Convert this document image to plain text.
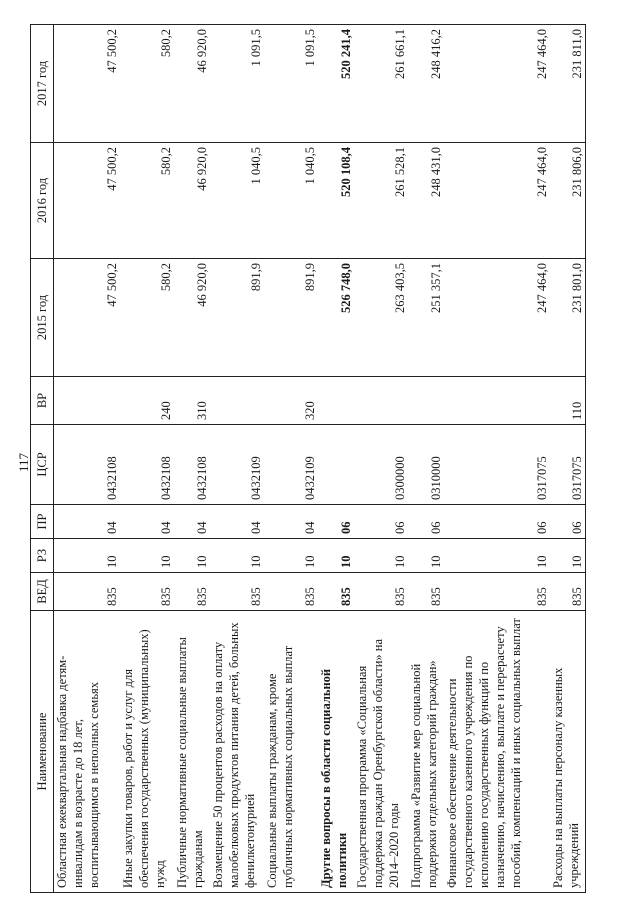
117
Наименование	ВЕД	РЗ	ПР	ЦСР	ВР	2015 год	2016 год	2017 год
Областная ежеквартальная надбавка детям-инвалидам в возрасте до 18 лет, воспитывающимся в неполных семьях	835	10	04	0432108		47 500,2	47 500,2	47 500,2
Иные закупки товаров, работ и услуг для обеспечения государственных (муниципальных) нужд	835	10	04	0432108	240	580,2	580,2	580,2
Публичные нормативные социальные выплаты гражданам	835	10	04	0432108	310	46 920,0	46 920,0	46 920,0
Возмещение 50 процентов расходов на оплату малобелковых продуктов питания детей, больных фенилкетонурией	835	10	04	0432109		891,9	1 040,5	1 091,5
Социальные выплаты гражданам, кроме публичных нормативных социальных выплат	835	10	04	0432109	320	891,9	1 040,5	1 091,5
Другие вопросы в области социальной политики	835	10	06			526 748,0	520 108,4	520 241,4
Государственная программа «Социальная поддержка граждан Оренбургской области» на 2014–2020 годы	835	10	06	0300000		263 403,5	261 528,1	261 661,1
Подпрограмма «Развитие мер социальной поддержки отдельных категорий граждан»	835	10	06	0310000		251 357,1	248 431,0	248 416,2
Финансовое обеспечение деятельности государственного казенного учреждения по исполнению государственных функций по назначению, начислению, выплате и перерасчету пособий, компенсаций и иных социальных выплат	835	10	06	0317075		247 464,0	247 464,0	247 464,0
Расходы на выплаты персоналу казенных учреждений	835	10	06	0317075	110	231 801,0	231 806,0	231 811,0
